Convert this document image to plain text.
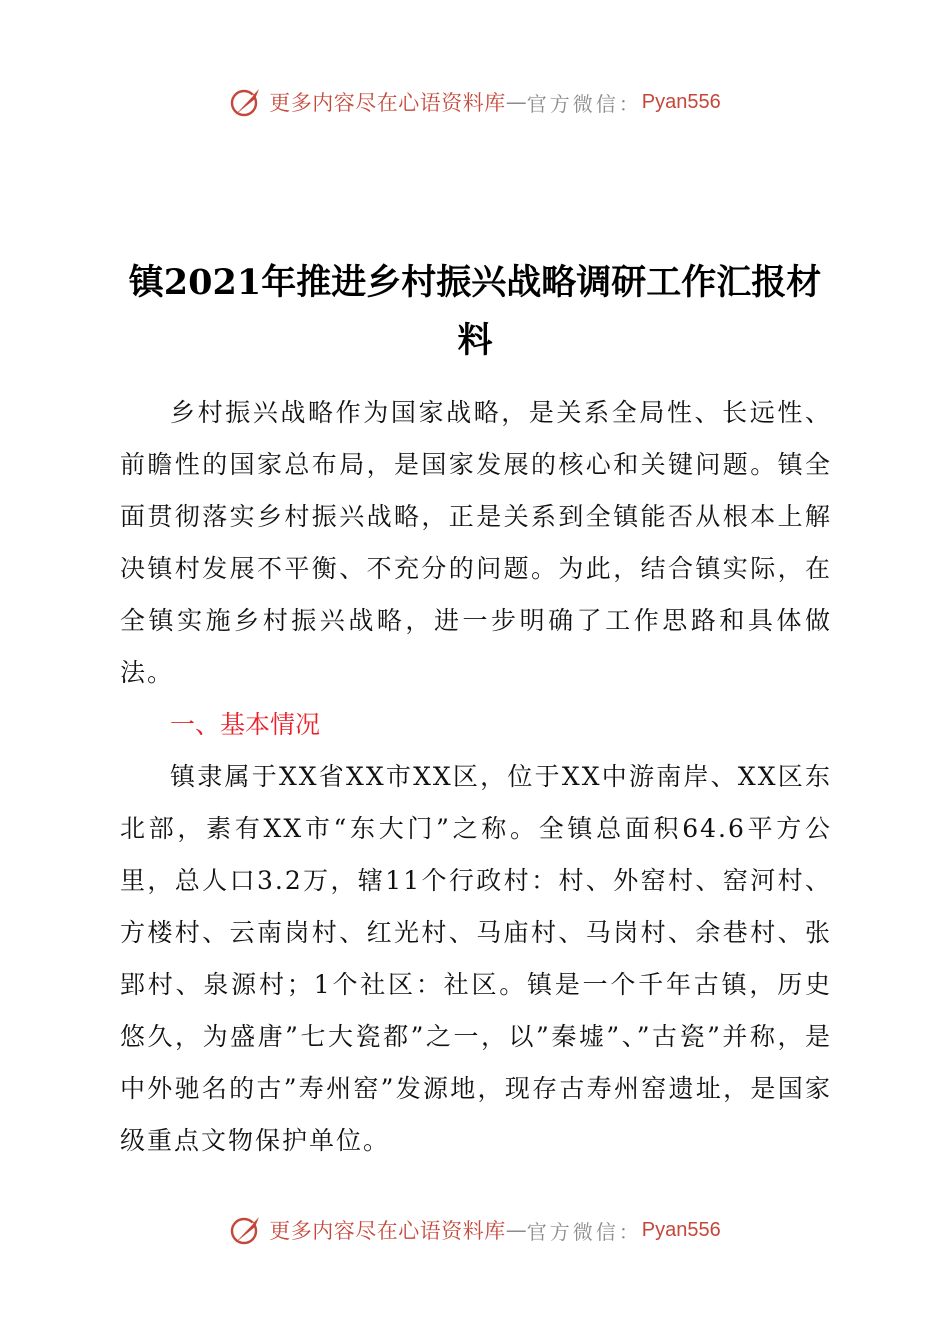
更多内容尽在心语资料库 — 官方微信： Pyan556
镇2021年推进乡村振兴战略调研工作汇报材料

乡村振兴战略作为国家战略，是关系全局性、长远性、前瞻性的国家总布局，是国家发展的核心和关键问题。镇全面贯彻落实乡村振兴战略，正是关系到全镇能否从根本上解决镇村发展不平衡、不充分的问题。为此，结合镇实际，在全镇实施乡村振兴战略，进一步明确了工作思路和具体做法。

一、基本情况

镇隶属于XX省XX市XX区，位于XX中游南岸、XX区东北部，素有XX市“东大门”之称。全镇总面积64.6平方公里，总人口3.2万，辖11个行政村：村、外窑村、窑河村、方楼村、云南岗村、红光村、马庙村、马岗村、余巷村、张郢村、泉源村；1个社区：社区。镇是一个千年古镇，历史悠久，为盛唐”七大瓷都”之一，以”秦墟”、”古瓷”并称，是中外驰名的古”寿州窑”发源地，现存古寿州窑遗址，是国家级重点文物保护单位。

更多内容尽在心语资料库 — 官方微信： Pyan556
